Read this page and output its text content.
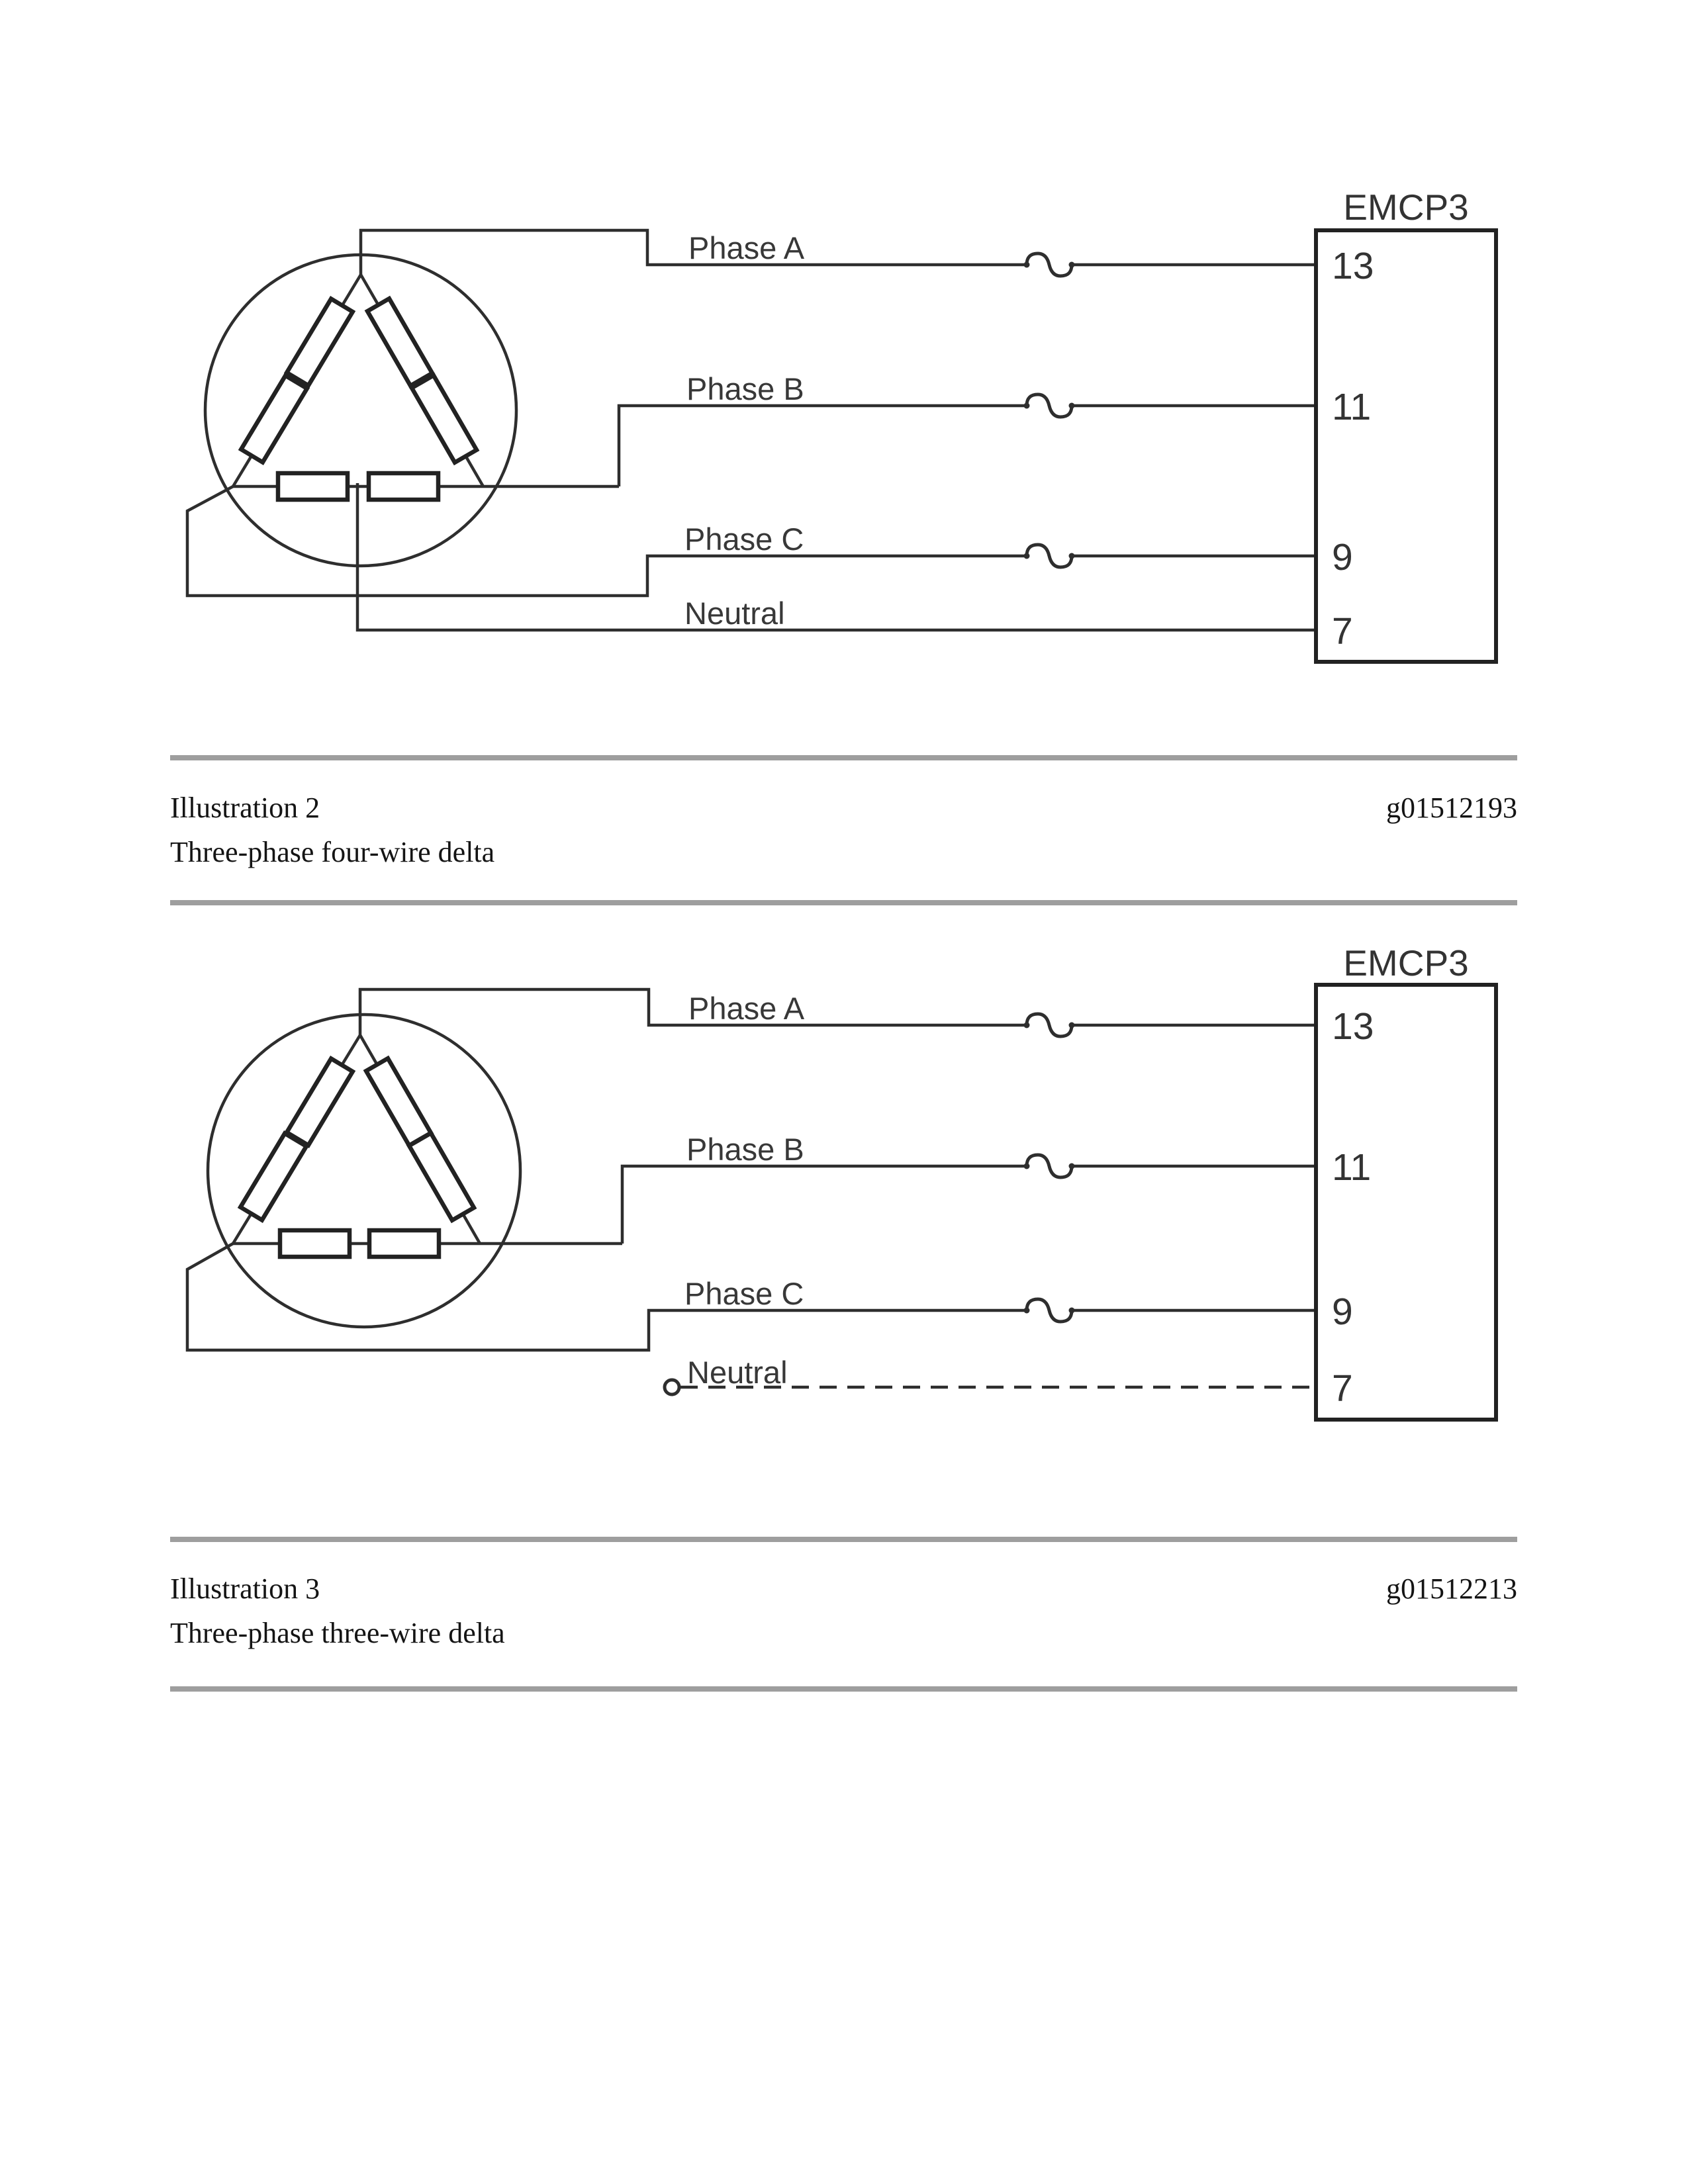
EMCP3
Phase A
Phase B
Phase C
Neutral
13
11
9
7
EMCP3
Phase A
Phase B
Phase C
Neutral
13
11
9
7
Illustration 2	g01512193
Three-phase four-wire delta
Illustration 3	g01512213
Three-phase three-wire delta
